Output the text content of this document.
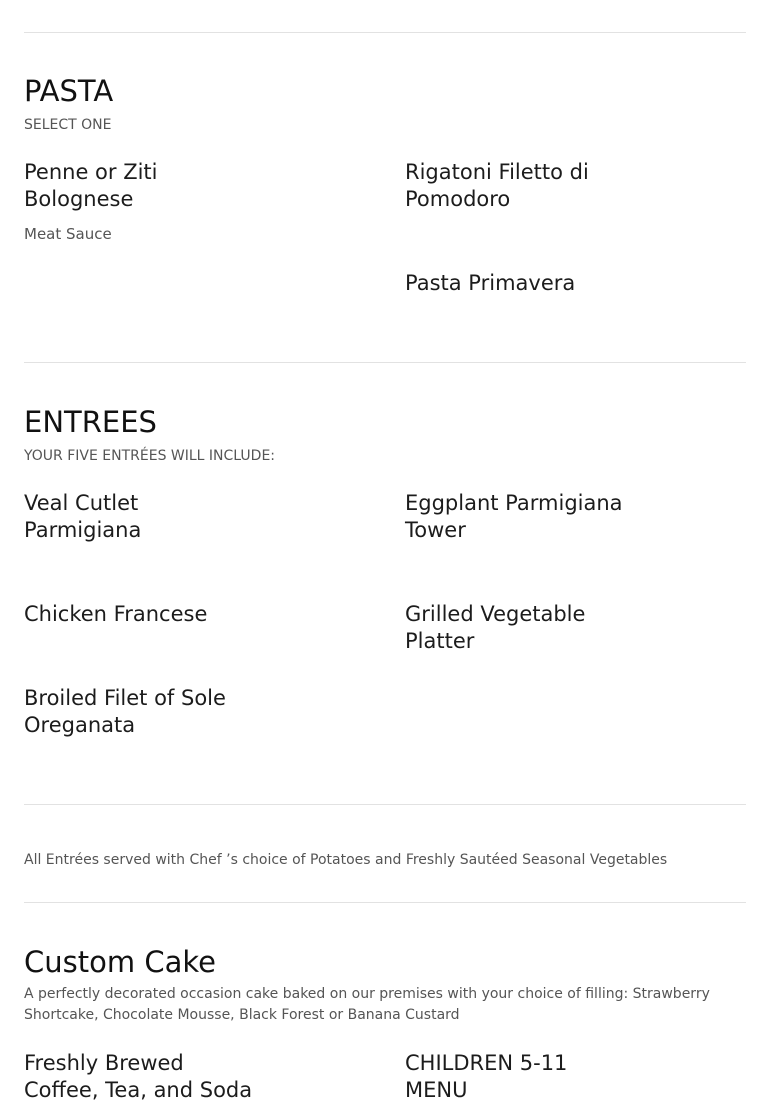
PASTA
SELECT ONE
Penne or Ziti
Bolognese
Meat Sauce
Rigatoni Filetto di
Pomodoro
Pasta Primavera
ENTREES
YOUR FIVE ENTRÉES WILL INCLUDE:
Veal Cutlet
Parmigiana
Eggplant Parmigiana
Tower
Chicken Francese	Grilled Vegetable
Platter
Broiled Filet of Sole
Oreganata
All Entrées served with Chef ’s choice of Potatoes and Freshly Sautéed Seasonal Vegetables
Custom Cake
A perfectly decorated occasion cake baked on our premises with your choice of filling: Strawberry
Shortcake, Chocolate Mousse, Black Forest or Banana Custard
Freshly Brewed
Coffee, Tea, and Soda
CHILDREN 5-11
MENU
